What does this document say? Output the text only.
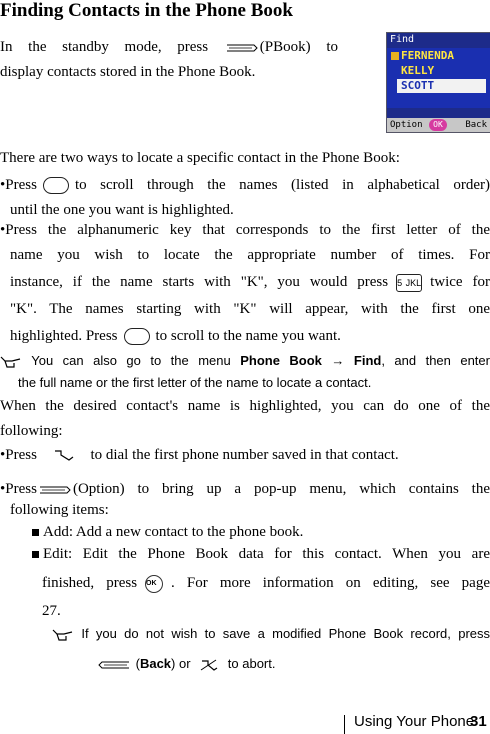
Finding Contacts in the Phone Book
In the standby mode, press	(PBook) to
display contacts stored in the Phone Book.
Find
FERNENDA
KELLY
SCOTT
Option	OK	Back
There are two ways to locate a specific contact in the Phone Book:
•Press	to scroll through the names (listed in alphabetical order)
until the one you want is highlighted.
•Press the alphanumeric key that corresponds to the first letter of the
name you wish to locate the appropriate number of times. For
instance, if the name starts with "K", you would press 5 JKL twice for
"K". The names starting with "K" will appear, with the first one
highlighted. Press	to scroll to the name you want.
You can also go to the menu Phone Book → Find, and then enter
the full name or the first letter of the name to locate a contact.
When the desired contact's name is highlighted, you can do one of the
following:
•Press	to dial the first phone number saved in that contact.
•Press (Option) to bring up a pop-up menu, which contains the
following items:
Add: Add a new contact to the phone book.
Edit: Edit the Phone Book data for this contact. When you are
finished, press OK . For more information on editing, see page
27.
If you do not wish to save a modified Phone Book record, press
(Back) or	to abort.
Using Your Phone
31
